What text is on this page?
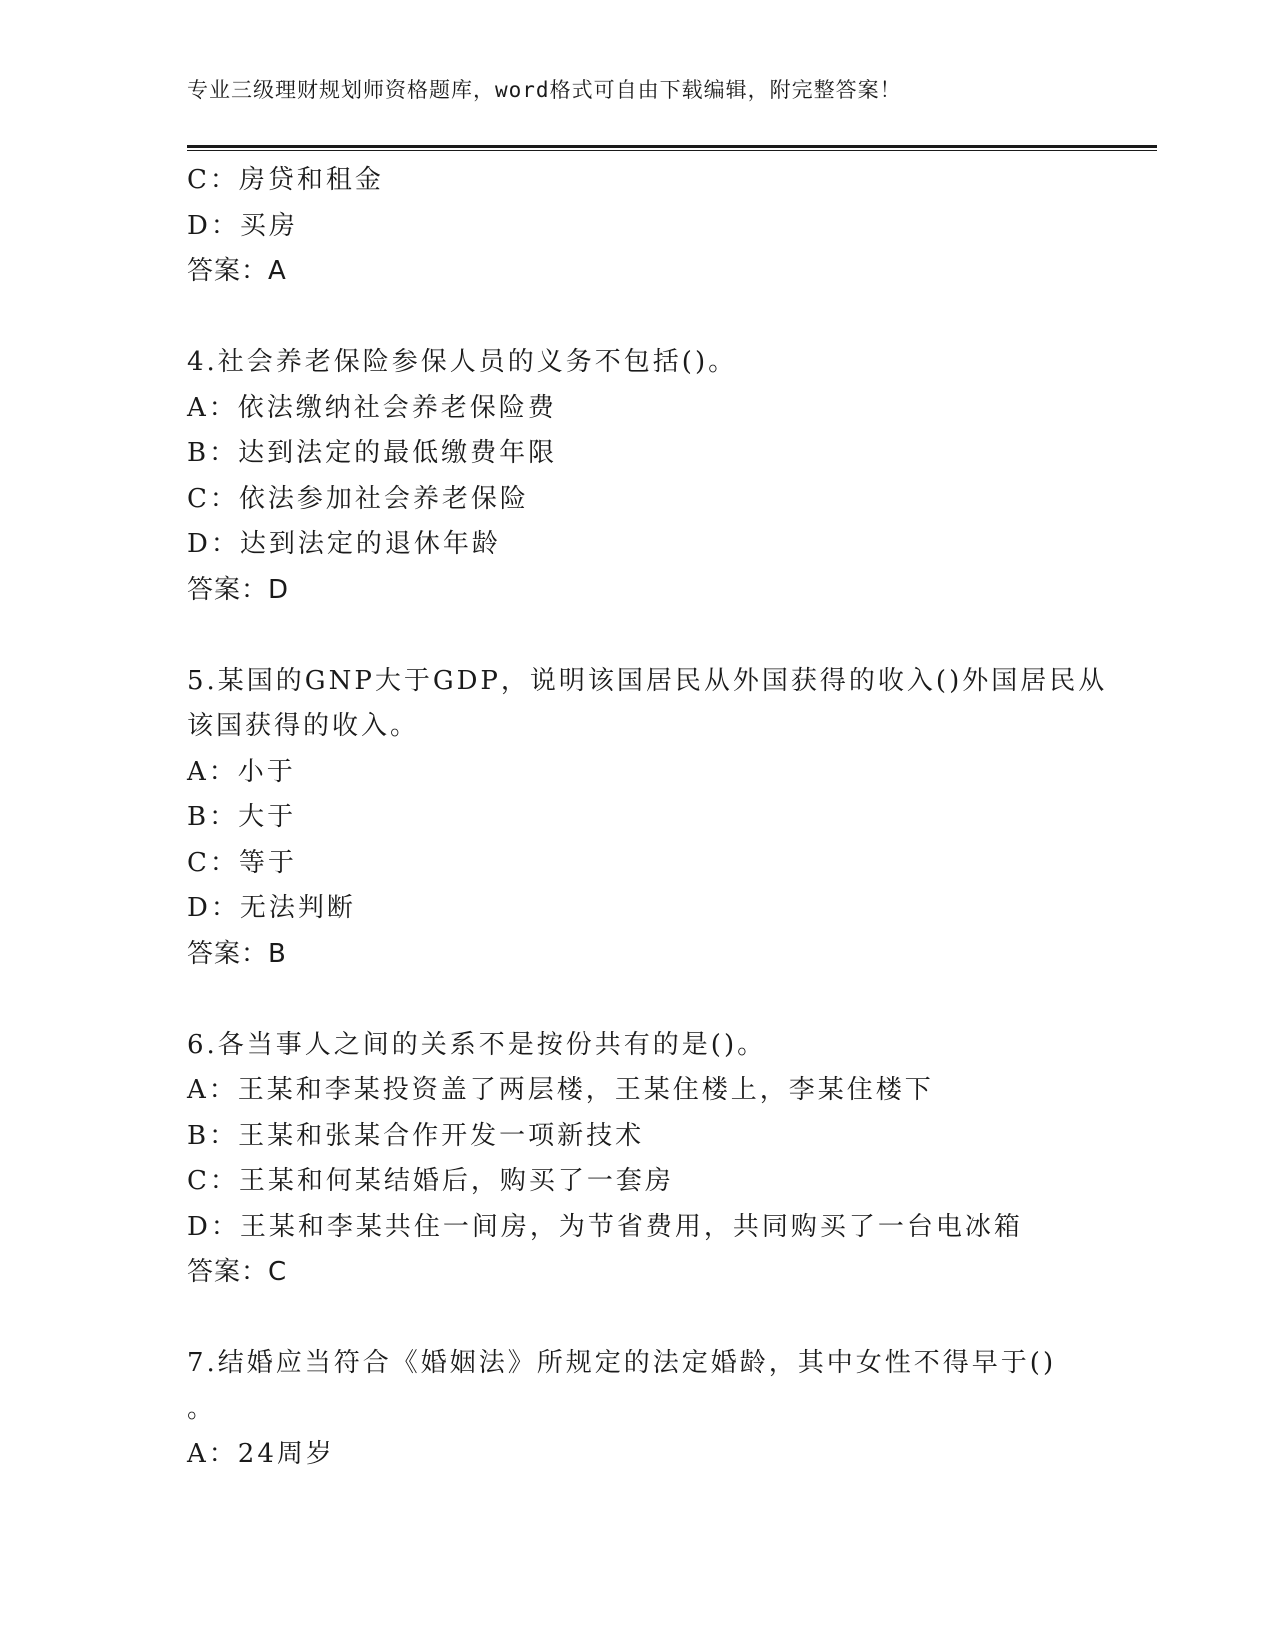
专业三级理财规划师资格题库，word格式可自由下载编辑，附完整答案！
C：房贷和租金
D：买房
答案：A
4.社会养老保险参保人员的义务不包括()。
A：依法缴纳社会养老保险费
B：达到法定的最低缴费年限
C：依法参加社会养老保险
D：达到法定的退休年龄
答案：D
5.某国的GNP大于GDP，说明该国居民从外国获得的收入()外国居民从
该国获得的收入。
A：小于
B：大于
C：等于
D：无法判断
答案：B
6.各当事人之间的关系不是按份共有的是()。
A：王某和李某投资盖了两层楼，王某住楼上，李某住楼下
B：王某和张某合作开发一项新技术
C：王某和何某结婚后，购买了一套房
D：王某和李某共住一间房，为节省费用，共同购买了一台电冰箱
答案：C
7.结婚应当符合《婚姻法》所规定的法定婚龄，其中女性不得早于()
。
A：24周岁
